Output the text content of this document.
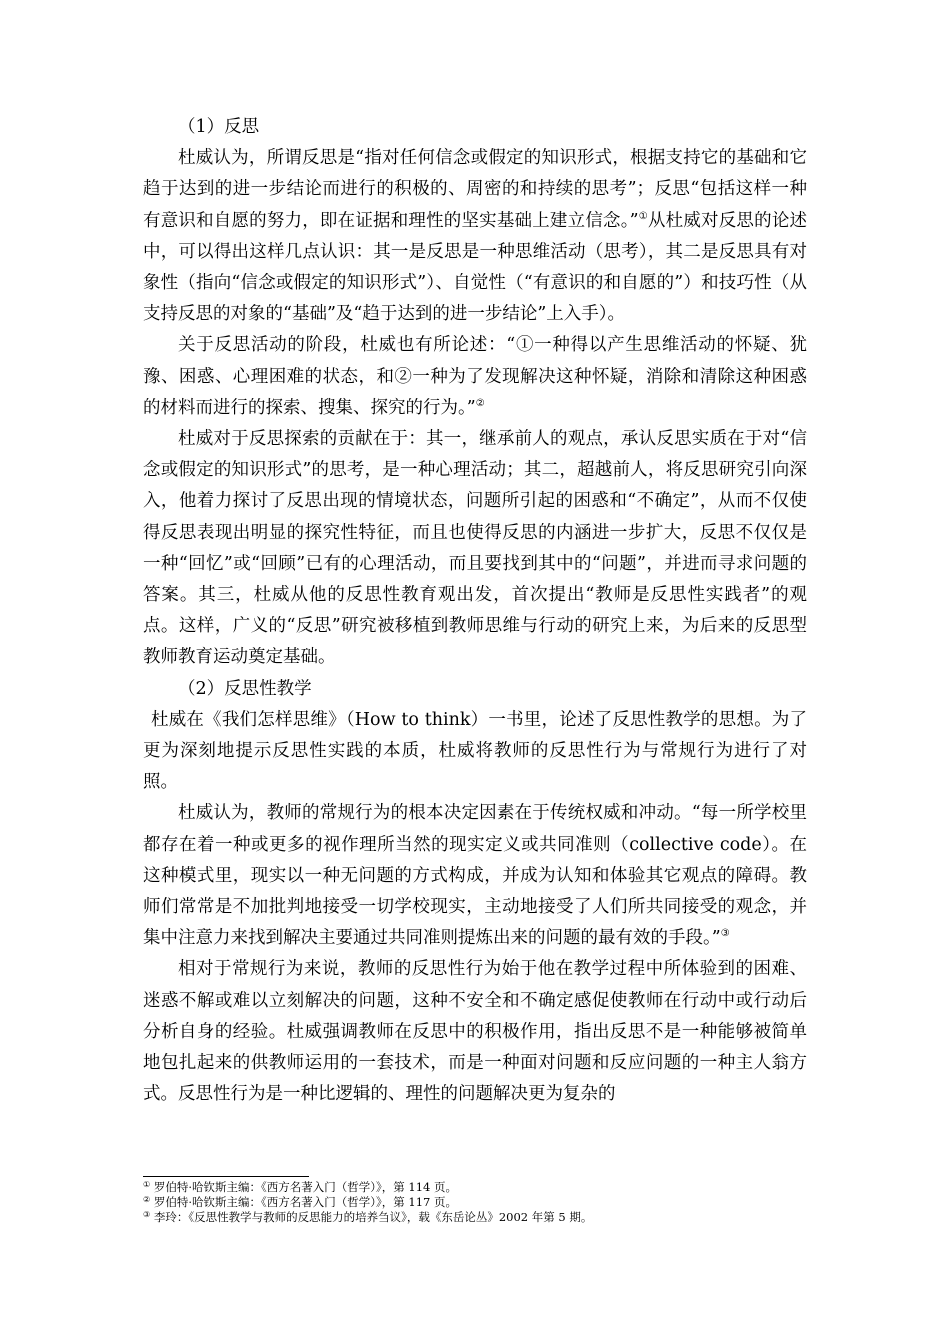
（1）反思

杜威认为，所谓反思是“指对任何信念或假定的知识形式，根据支持它的基础和它趋于达到的进一步结论而进行的积极的、周密的和持续的思考”；反思“包括这样一种有意识和自愿的努力，即在证据和理性的坚实基础上建立信念。”①从杜威对反思的论述中，可以得出这样几点认识：其一是反思是一种思维活动（思考），其二是反思具有对象性（指向“信念或假定的知识形式”）、自觉性（“有意识的和自愿的”）和技巧性（从支持反思的对象的“基础”及“趋于达到的进一步结论”上入手）。

关于反思活动的阶段，杜威也有所论述：“①一种得以产生思维活动的怀疑、犹豫、困惑、心理困难的状态，和②一种为了发现解决这种怀疑，消除和清除这种困惑的材料而进行的探索、搜集、探究的行为。”②

杜威对于反思探索的贡献在于：其一，继承前人的观点，承认反思实质在于对“信念或假定的知识形式”的思考，是一种心理活动；其二，超越前人，将反思研究引向深入，他着力探讨了反思出现的情境状态，问题所引起的困惑和“不确定”，从而不仅使得反思表现出明显的探究性特征，而且也使得反思的内涵进一步扩大，反思不仅仅是一种“回忆”或“回顾”已有的心理活动，而且要找到其中的“问题”，并进而寻求问题的答案。其三，杜威从他的反思性教育观出发，首次提出“教师是反思性实践者”的观点。这样，广义的“反思”研究被移植到教师思维与行动的研究上来，为后来的反思型教师教育运动奠定基础。

（2）反思性教学

杜威在《我们怎样思维》（How to think）一书里，论述了反思性教学的思想。为了更为深刻地提示反思性实践的本质，杜威将教师的反思性行为与常规行为进行了对照。

杜威认为，教师的常规行为的根本决定因素在于传统权威和冲动。“每一所学校里都存在着一种或更多的视作理所当然的现实定义或共同准则（collective code）。在这种模式里，现实以一种无问题的方式构成，并成为认知和体验其它观点的障碍。教师们常常是不加批判地接受一切学校现实，主动地接受了人们所共同接受的观念，并集中注意力来找到解决主要通过共同准则提炼出来的问题的最有效的手段。”③

相对于常规行为来说，教师的反思性行为始于他在教学过程中所体验到的困难、迷惑不解或难以立刻解决的问题，这种不安全和不确定感促使教师在行动中或行动后分析自身的经验。杜威强调教师在反思中的积极作用，指出反思不是一种能够被简单地包扎起来的供教师运用的一套技术，而是一种面对问题和反应问题的一种主人翁方式。反思性行为是一种比逻辑的、理性的问题解决更为复杂的

① 罗伯特·哈钦斯主编：《西方名著入门（哲学）》，第 114 页。

② 罗伯特·哈钦斯主编：《西方名著入门（哲学）》，第 117 页。

③ 李玲：《反思性教学与教师的反思能力的培养刍议》，载《东岳论丛》2002 年第 5 期。
